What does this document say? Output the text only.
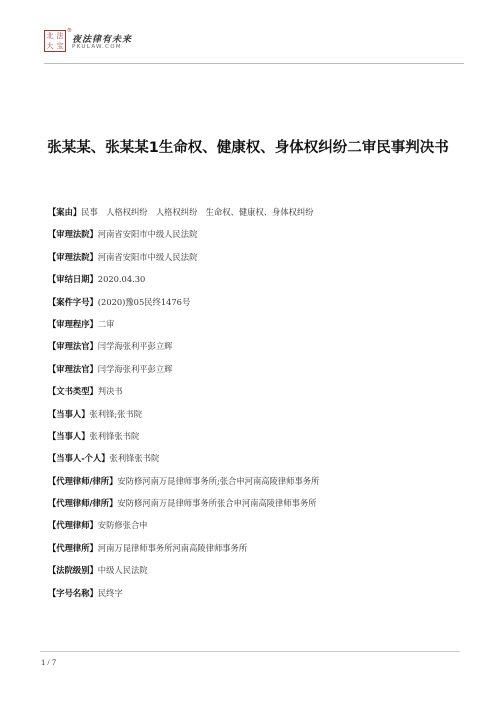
北 法
大 宝
®
夜法律有未来
PKULAW.COM
张某某、张某某1生命权、健康权、身体权纠纷二审民事判决书
【案由】民事　人格权纠纷　人格权纠纷　生命权、健康权、身体权纠纷
【审理法院】河南省安阳市中级人民法院
【审理法院】河南省安阳市中级人民法院
【审结日期】2020.04.30
【案件字号】(2020)豫05民终1476号
【审理程序】二审
【审理法官】闫学海张利平彭立辉
【审理法官】闫学海张利平彭立辉
【文书类型】判决书
【当事人】张利锋;张书院
【当事人】张利锋张书院
【当事人-个人】张利锋张书院
【代理律师/律所】安防修河南万昆律师事务所;张合申河南高陵律师事务所
【代理律师/律所】安防修河南万昆律师事务所张合申河南高陵律师事务所
【代理律师】安防修张合申
【代理律所】河南万昆律师事务所河南高陵律师事务所
【法院级别】中级人民法院
【字号名称】民终字
1 / 7
